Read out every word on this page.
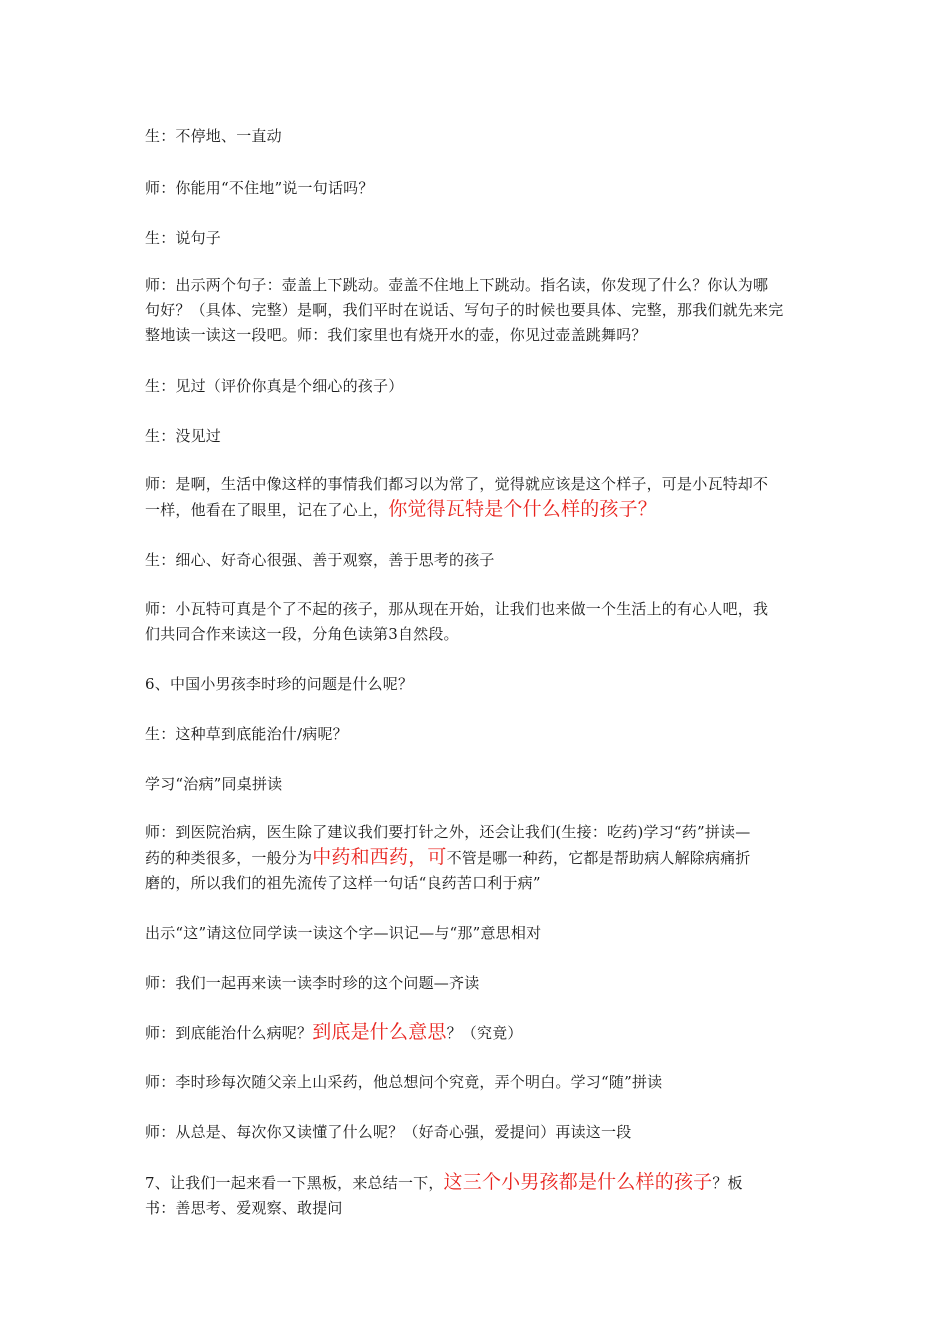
生：不停地、一直动
师：你能用“不住地”说一句话吗？
生：说句子
师：出示两个句子：壶盖上下跳动。壶盖不住地上下跳动。指名读，你发现了什么？你认为哪
句好？（具体、完整）是啊，我们平时在说话、写句子的时候也要具体、完整，那我们就先来完
整地读一读这一段吧。师：我们家里也有烧开水的壶，你见过壶盖跳舞吗？
生：见过（评价你真是个细心的孩子）
生：没见过
师：是啊，生活中像这样的事情我们都习以为常了，觉得就应该是这个样子，可是小瓦特却不
一样，他看在了眼里，记在了心上，你觉得瓦特是个什么样的孩子？
生：细心、好奇心很强、善于观察，善于思考的孩子
师：小瓦特可真是个了不起的孩子，那从现在开始，让我们也来做一个生活上的有心人吧，我
们共同合作来读这一段，分角色读第3自然段。
6、中国小男孩李时珍的问题是什么呢？
生：这种草到底能治什/病呢？
学习“治病”同桌拼读
师：到医院治病，医生除了建议我们要打针之外，还会让我们(生接：吃药)学习“药”拼读—
药的种类很多，一般分为中药和西药，可不管是哪一种药，它都是帮助病人解除病痛折
磨的，所以我们的祖先流传了这样一句话“良药苦口利于病”
出示“这”请这位同学读一读这个字—识记—与“那”意思相对
师：我们一起再来读一读李时珍的这个问题—齐读
师：到底能治什么病呢？到底是什么意思？（究竟）
师：李时珍每次随父亲上山采药，他总想问个究竟，弄个明白。学习“随”拼读
师：从总是、每次你又读懂了什么呢？（好奇心强，爱提问）再读这一段
7、让我们一起来看一下黑板，来总结一下，这三个小男孩都是什么样的孩子？板
书：善思考、爱观察、敢提问
